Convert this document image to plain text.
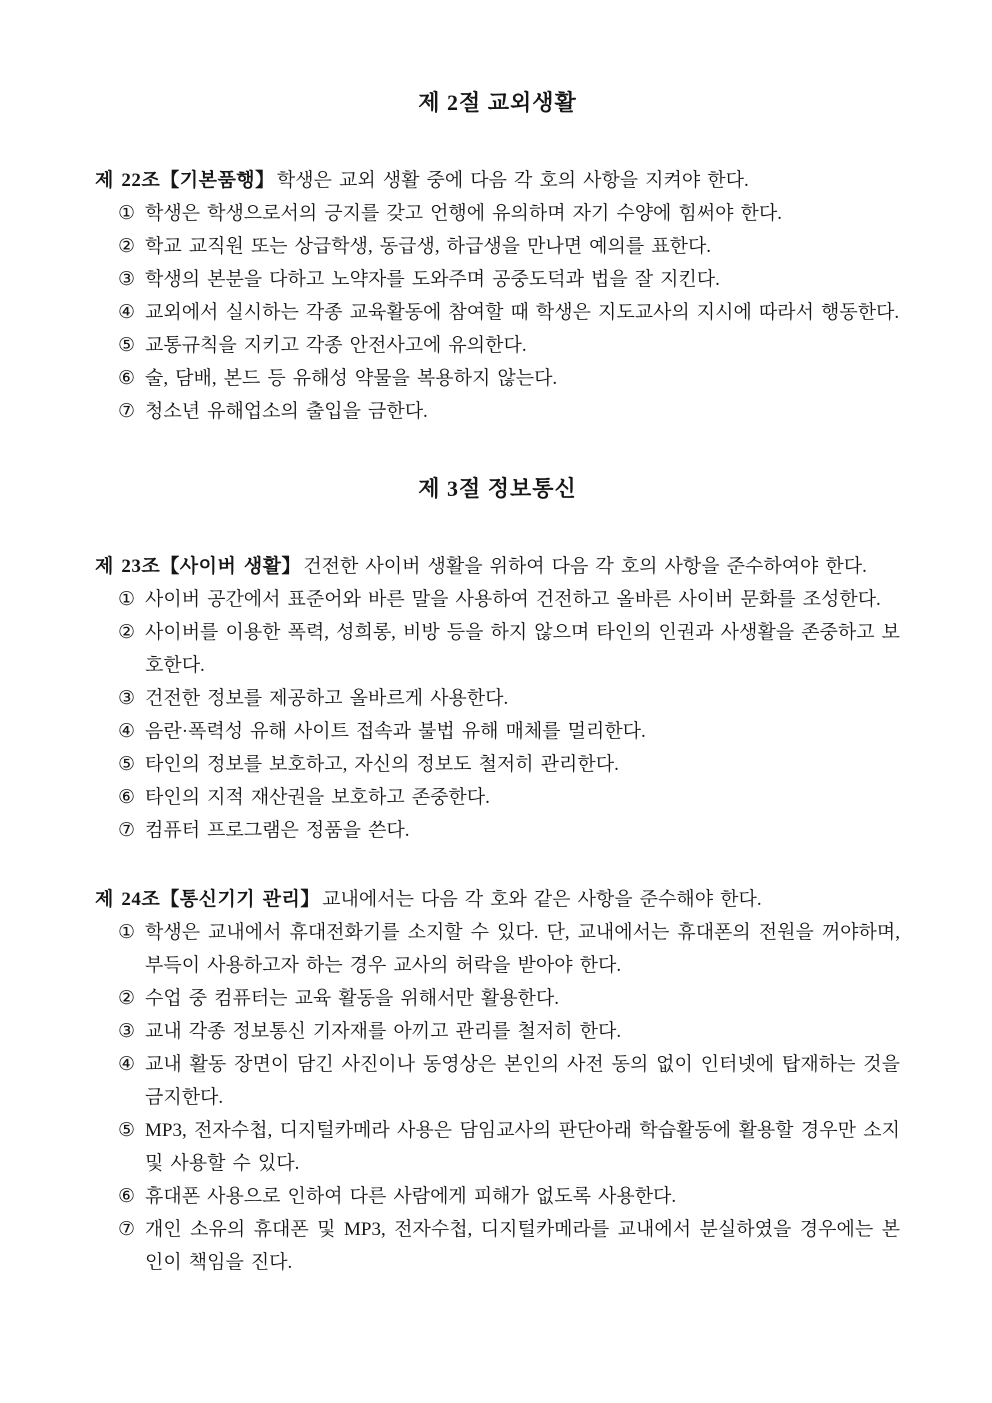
제 2절 교외생활

제 22조【기본품행】 학생은 교외 생활 중에 다음 각 호의 사항을 지켜야 한다.

① 학생은 학생으로서의 긍지를 갖고 언행에 유의하며 자기 수양에 힘써야 한다.
② 학교 교직원 또는 상급학생, 동급생, 하급생을 만나면 예의를 표한다.
③ 학생의 본분을 다하고 노약자를 도와주며 공중도덕과 법을 잘 지킨다.
④ 교외에서 실시하는 각종 교육활동에 참여할 때 학생은 지도교사의 지시에 따라서 행동한다.
⑤ 교통규칙을 지키고 각종 안전사고에 유의한다.
⑥ 술, 담배, 본드 등 유해성 약물을 복용하지 않는다.
⑦ 청소년 유해업소의 출입을 금한다.
제 3절 정보통신

제 23조【사이버 생활】 건전한 사이버 생활을 위하여 다음 각 호의 사항을 준수하여야 한다.

① 사이버 공간에서 표준어와 바른 말을 사용하여 건전하고 올바른 사이버 문화를 조성한다.
② 사이버를 이용한 폭력, 성희롱, 비방 등을 하지 않으며 타인의 인권과 사생활을 존중하고 보호한다.
③ 건전한 정보를 제공하고 올바르게 사용한다.
④ 음란·폭력성 유해 사이트 접속과 불법 유해 매체를 멀리한다.
⑤ 타인의 정보를 보호하고, 자신의 정보도 철저히 관리한다.
⑥ 타인의 지적 재산권을 보호하고 존중한다.
⑦ 컴퓨터 프로그램은 정품을 쓴다.

제 24조【통신기기 관리】 교내에서는 다음 각 호와 같은 사항을 준수해야 한다.

① 학생은 교내에서 휴대전화기를 소지할 수 있다. 단, 교내에서는 휴대폰의 전원을 꺼야하며, 부득이 사용하고자 하는 경우 교사의 허락을 받아야 한다.
② 수업 중 컴퓨터는 교육 활동을 위해서만 활용한다.
③ 교내 각종 정보통신 기자재를 아끼고 관리를 철저히 한다.
④ 교내 활동 장면이 담긴 사진이나 동영상은 본인의 사전 동의 없이 인터넷에 탑재하는 것을 금지한다.
⑤ MP3, 전자수첩, 디지털카메라 사용은 담임교사의 판단아래 학습활동에 활용할 경우만 소지 및 사용할 수 있다.
⑥ 휴대폰 사용으로 인하여 다른 사람에게 피해가 없도록 사용한다.
⑦ 개인 소유의 휴대폰 및 MP3, 전자수첩, 디지털카메라를 교내에서 분실하였을 경우에는 본인이 책임을 진다.
